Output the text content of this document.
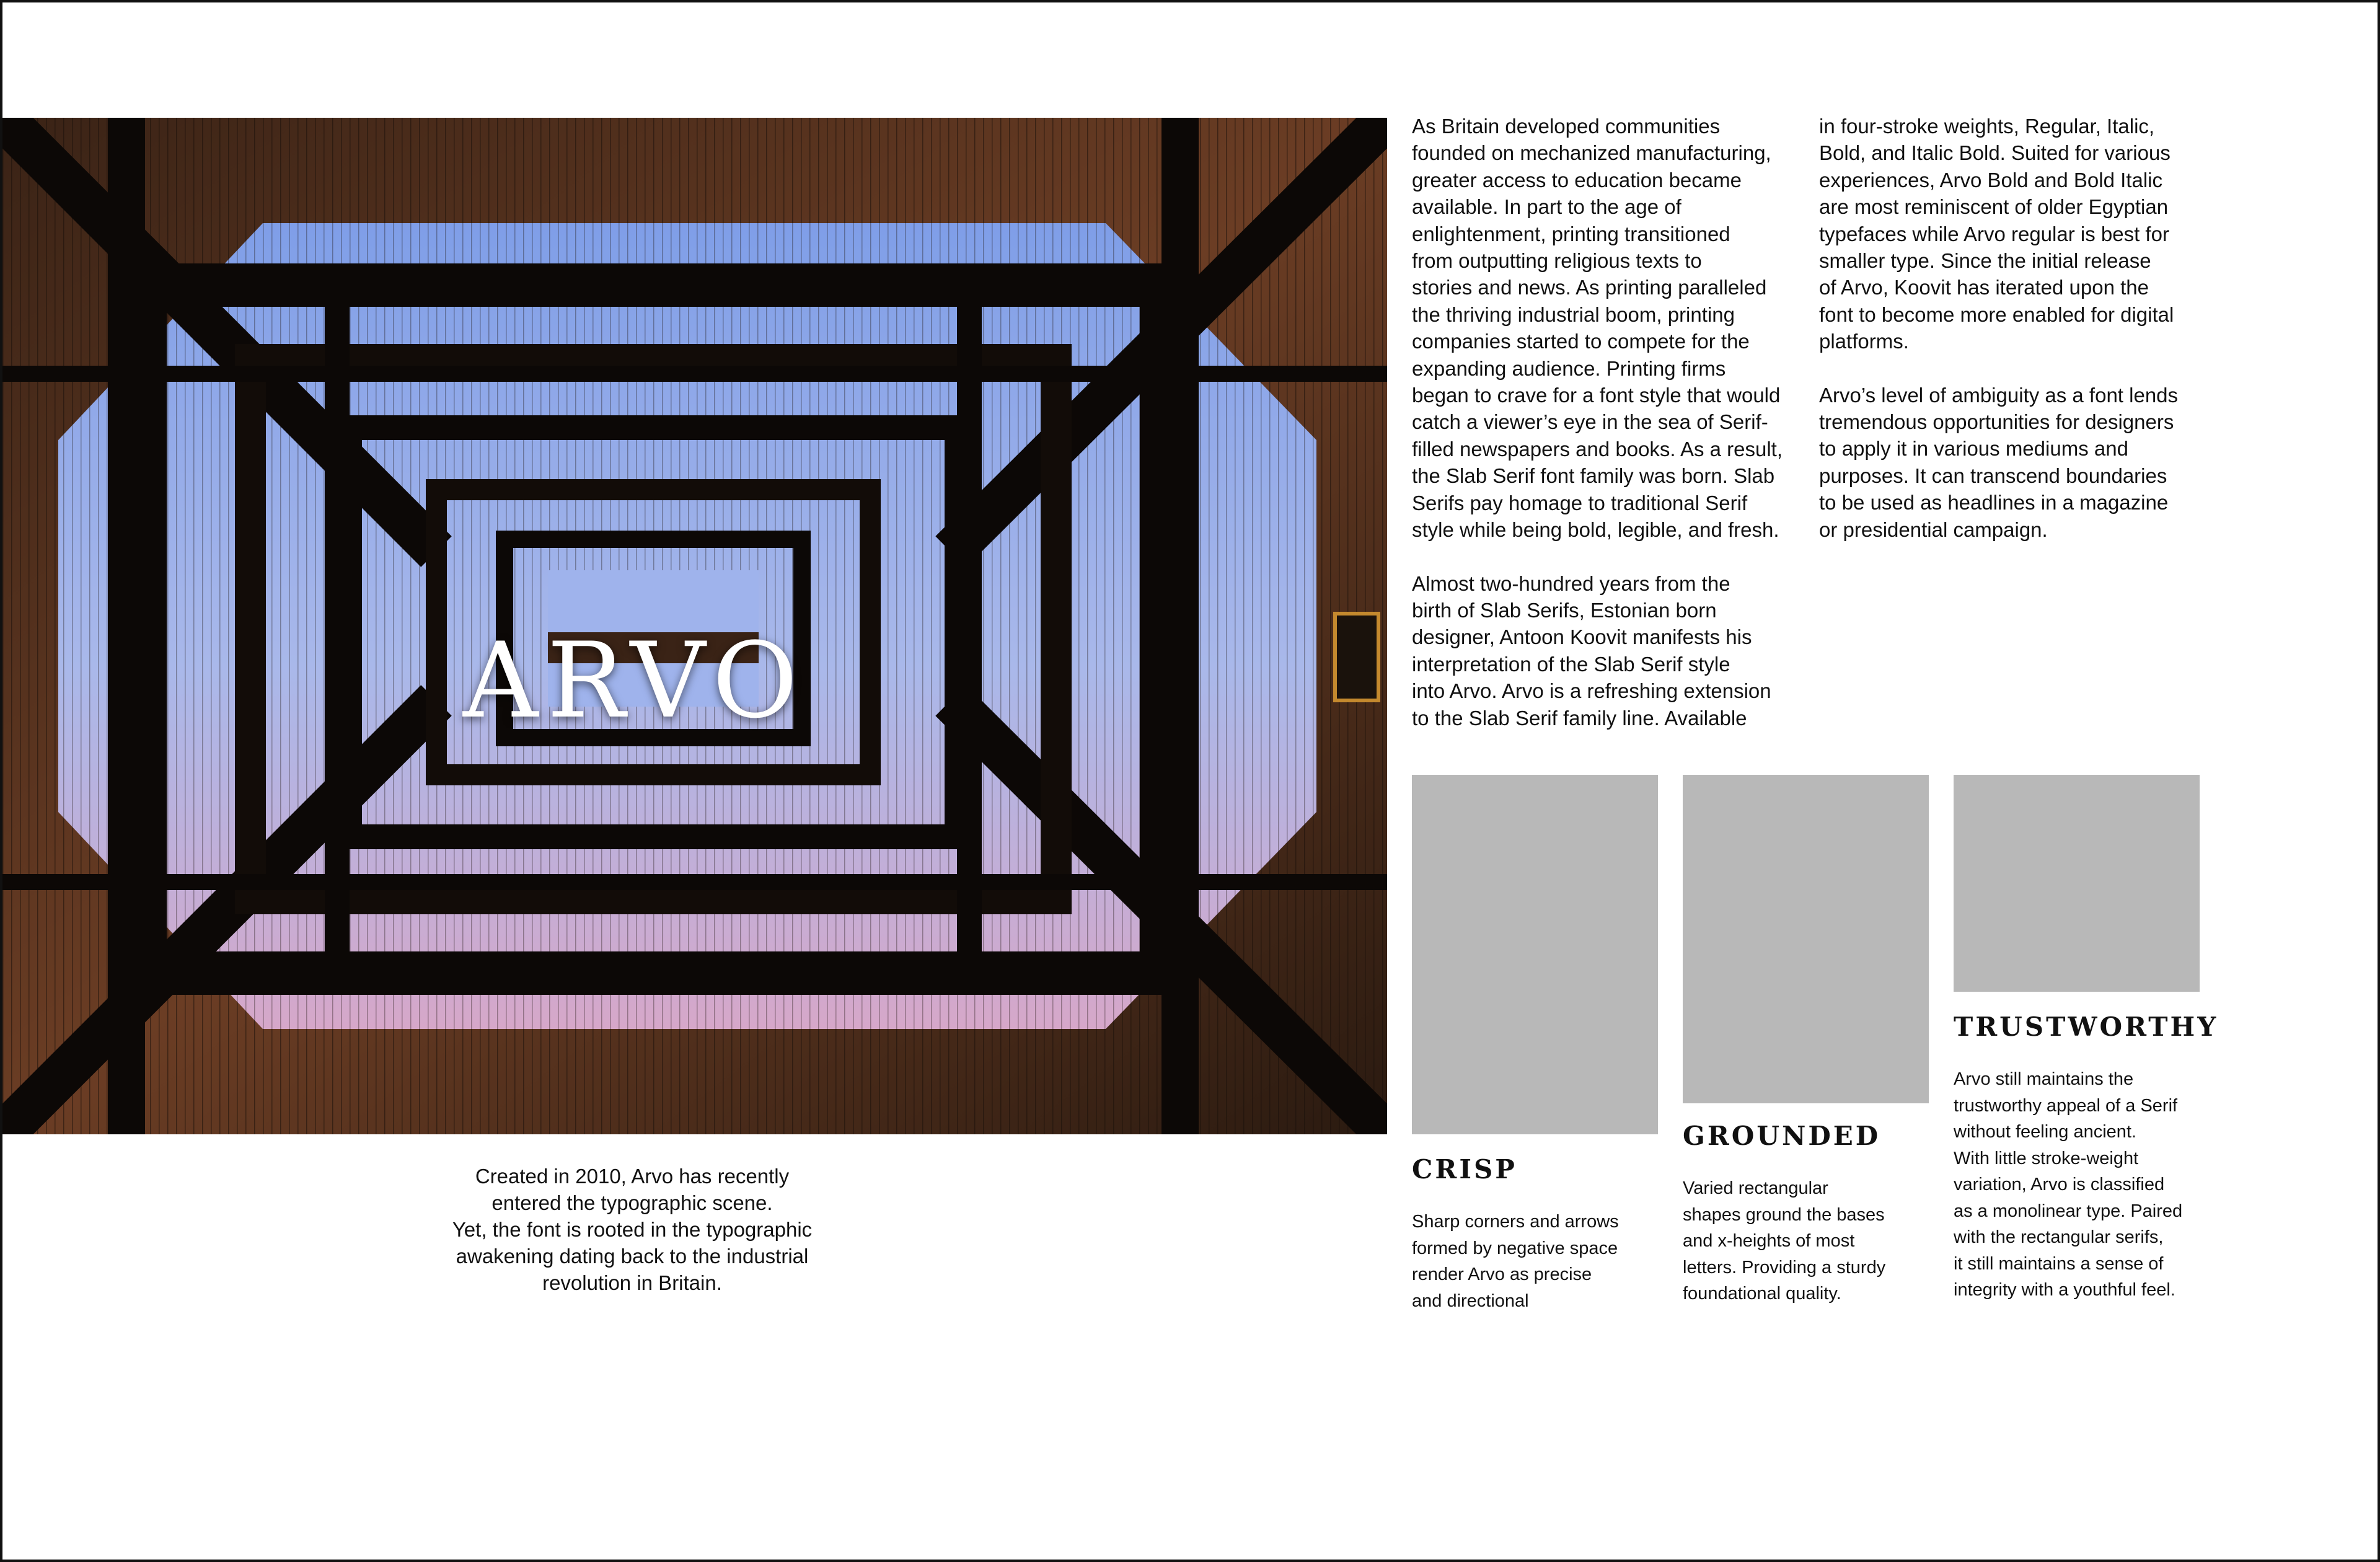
ARVO
Created in 2010, Arvo has recently
entered the typographic scene.
Yet, the font is rooted in the typographic
awakening dating back to the industrial
revolution in Britain.

As Britain developed communities
founded on mechanized manufacturing,
greater access to education became
available. In part to the age of
enlightenment, printing transitioned
from outputting religious texts to
stories and news. As printing paralleled
the thriving industrial boom, printing
companies started to compete for the
expanding audience. Printing firms
began to crave for a font style that would
catch a viewer’s eye in the sea of Serif-
filled newspapers and books. As a result,
the Slab Serif font family was born. Slab
Serifs pay homage to traditional Serif
style while being bold, legible, and fresh.

Almost two-hundred years from the
birth of Slab Serifs, Estonian born
designer, Antoon Koovit manifests his
interpretation of the Slab Serif style
into Arvo. Arvo is a refreshing extension
to the Slab Serif family line. Available

in four-stroke weights, Regular, Italic,
Bold, and Italic Bold. Suited for various
experiences, Arvo Bold and Bold Italic
are most reminiscent of older Egyptian
typefaces while Arvo regular is best for
smaller type. Since the initial release
of Arvo, Koovit has iterated upon the
font to become more enabled for digital
platforms.

Arvo’s level of ambiguity as a font lends
tremendous opportunities for designers
to apply it in various mediums and
purposes. It can transcend boundaries
to be used as headlines in a magazine
or presidential campaign.

CRISP
Sharp corners and arrows
formed by negative space
render Arvo as precise
and directional
GROUNDED
Varied rectangular
shapes ground the bases
and x-heights of most
letters. Providing a sturdy
foundational quality.
TRUSTWORTHY
Arvo still maintains the
trustworthy appeal of a Serif
without feeling ancient.
With little stroke-weight
variation, Arvo is classified
as a monolinear type. Paired
with the rectangular serifs,
it still maintains a sense of
integrity with a youthful feel.
